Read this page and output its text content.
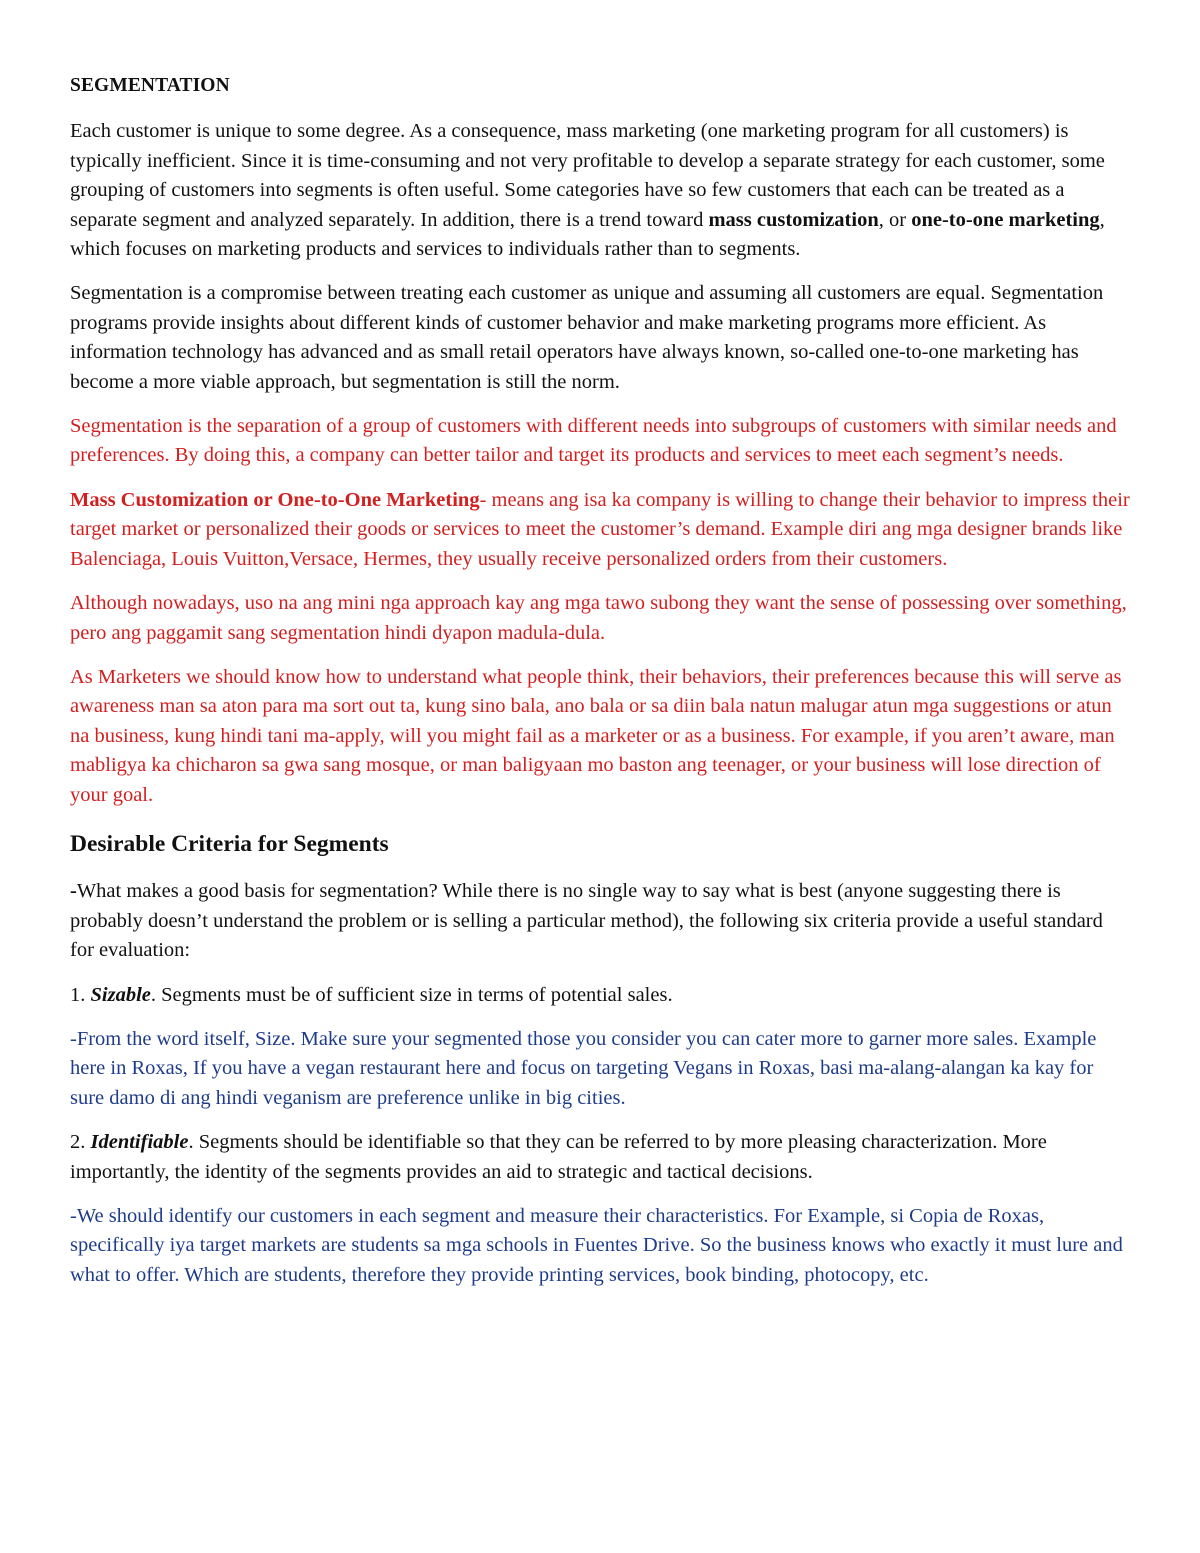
SEGMENTATION

Each customer is unique to some degree. As a consequence, mass marketing (one marketing program for all customers) is typically inefficient. Since it is time-consuming and not very profitable to develop a separate strategy for each customer, some grouping of customers into segments is often useful. Some categories have so few customers that each can be treated as a separate segment and analyzed separately. In addition, there is a trend toward mass customization, or one-to-one marketing, which focuses on marketing products and services to individuals rather than to segments.

Segmentation is a compromise between treating each customer as unique and assuming all customers are equal. Segmentation programs provide insights about different kinds of customer behavior and make marketing programs more efficient. As information technology has advanced and as small retail operators have always known, so-called one-to-one marketing has become a more viable approach, but segmentation is still the norm.

Segmentation is the separation of a group of customers with different needs into subgroups of customers with similar needs and preferences. By doing this, a company can better tailor and target its products and services to meet each segment’s needs.

Mass Customization or One-to-One Marketing- means ang isa ka company is willing to change their behavior to impress their target market or personalized their goods or services to meet the customer’s demand. Example diri ang mga designer brands like Balenciaga, Louis Vuitton,Versace, Hermes, they usually receive personalized orders from their customers.

Although nowadays, uso na ang mini nga approach kay ang mga tawo subong they want the sense of possessing over something, pero ang paggamit sang segmentation hindi dyapon madula-dula.

As Marketers we should know how to understand what people think, their behaviors, their preferences because this will serve as awareness man sa aton para ma sort out ta, kung sino bala, ano bala or sa diin bala natun malugar atun mga suggestions or atun na business, kung hindi tani ma-apply, will you might fail as a marketer or as a business. For example, if you aren’t aware, man mabligya ka chicharon sa gwa sang mosque, or man baligyaan mo baston ang teenager, or your business will lose direction of your goal.

Desirable Criteria for Segments

-What makes a good basis for segmentation? While there is no single way to say what is best (anyone suggesting there is probably doesn’t understand the problem or is selling a particular method), the following six criteria provide a useful standard for evaluation:

1. Sizable. Segments must be of sufficient size in terms of potential sales.

-From the word itself, Size. Make sure your segmented those you consider you can cater more to garner more sales. Example here in Roxas, If you have a vegan restaurant here and focus on targeting Vegans in Roxas, basi ma-alang-alangan ka kay for sure damo di ang hindi veganism are preference unlike in big cities.

2. Identifiable. Segments should be identifiable so that they can be referred to by more pleasing characterization. More importantly, the identity of the segments provides an aid to strategic and tactical decisions.

-We should identify our customers in each segment and measure their characteristics. For Example, si Copia de Roxas, specifically iya target markets are students sa mga schools in Fuentes Drive. So the business knows who exactly it must lure and what to offer. Which are students, therefore they provide printing services, book binding, photocopy, etc.
